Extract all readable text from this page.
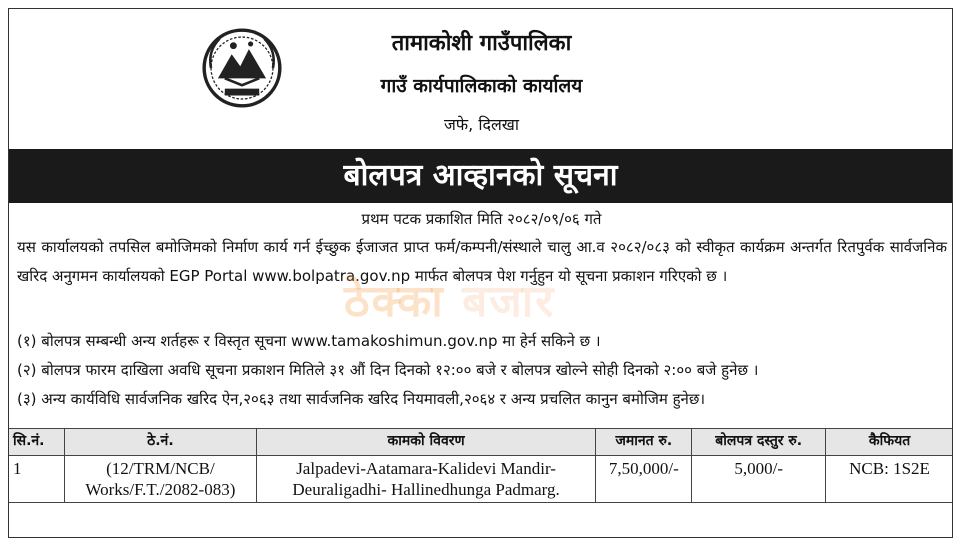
तामाकोशी गाउँपालिका
गाउँ कार्यपालिकाको कार्यालय
जफे, दिलखा
बोलपत्र आव्हानको सूचना
प्रथम पटक प्रकाशित मिति २०८२/०९/०६ गते
यस कार्यालयको तपसिल बमोजिमको निर्माण कार्य गर्न ईच्छुक ईजाजत प्राप्त फर्म/कम्पनी/संस्थाले चालु आ.व २०८२/०८३ को स्वीकृत कार्यक्रम अन्तर्गत रितपुर्वक सार्वजनिक खरिद अनुगमन कार्यालयको EGP Portal www.bolpatra.gov.np मार्फत बोलपत्र पेश गर्नुहुन यो सूचना प्रकाशन गरिएको छ ।
ठेक्का बजार
(१) बोलपत्र सम्बन्धी अन्य शर्तहरू र विस्तृत सूचना www.tamakoshimun.gov.np मा हेर्न सकिने छ ।
(२) बोलपत्र फारम दाखिला अवधि सूचना प्रकाशन मितिले ३१ औं दिन दिनको १२:०० बजे र बोलपत्र खोल्ने सोही दिनको २:०० बजे हुनेछ ।
(३) अन्य कार्यविधि सार्वजनिक खरिद ऐन,२०६३ तथा सार्वजनिक खरिद नियमावली,२०६४ र अन्य प्रचलित कानुन बमोजिम हुनेछ।
सि.नं.	ठे.नं.	कामको विवरण	जमानत रु.	बोलपत्र दस्तुर रु.	कैफियत
1	(12/TRM/NCB/ Works/F.T./2082-083)	Jalpadevi-Aatamara-Kalidevi Mandir- Deuraligadhi- Hallinedhunga Padmarg.	7,50,000/-	5,000/-	NCB: 1S2E
